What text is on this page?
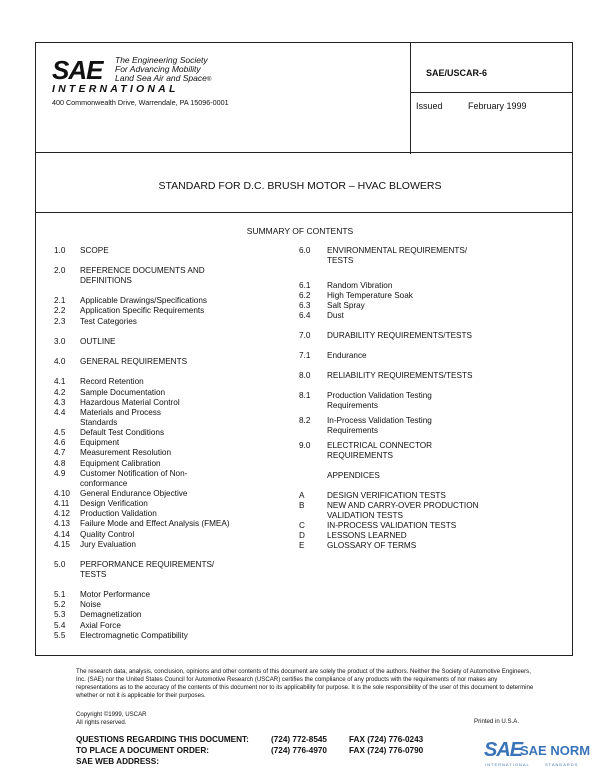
SAE The Engineering Society
For Advancing Mobility
Land Sea Air and Space®
INTERNATIONAL
400 Commonwealth Drive, Warrendale, PA 15096-0001
SAE/USCAR-6
Issued	February 1999
STANDARD FOR D.C. BRUSH MOTOR – HVAC BLOWERS
SUMMARY OF CONTENTS
1.0 SCOPE
2.0 REFERENCE DOCUMENTS AND
DEFINITIONS
2.1 Applicable Drawings/Specifications
2.2 Application Specific Requirements
2.3 Test Categories
3.0 OUTLINE
4.0 GENERAL REQUIREMENTS
4.1 Record Retention
4.2 Sample Documentation
4.3 Hazardous Material Control
4.4 Materials and Process
Standards
4.5 Default Test Conditions
4.6 Equipment
4.7 Measurement Resolution
4.8 Equipment Calibration
4.9 Customer Notification of Non-
conformance
4.10 General Endurance Objective
4.11 Design Verification
4.12 Production Validation
4.13 Failure Mode and Effect Analysis (FMEA)
4.14 Quality Control
4.15 Jury Evaluation
5.0 PERFORMANCE REQUIREMENTS/
TESTS
5.1 Motor Performance
5.2 Noise
5.3 Demagnetization
5.4 Axial Force
5.5 Electromagnetic Compatibility
6.0 ENVIRONMENTAL REQUIREMENTS/
TESTS
6.1 Random Vibration
6.2 High Temperature Soak
6.3 Salt Spray
6.4 Dust
7.0 DURABILITY REQUIREMENTS/TESTS
7.1 Endurance
8.0 RELIABILITY REQUIREMENTS/TESTS
8.1 Production Validation Testing
Requirements
8.2 In-Process Validation Testing
Requirements
9.0 ELECTRICAL CONNECTOR
REQUIREMENTS
APPENDICES
A	DESIGN VERIFICATION TESTS
B	NEW AND CARRY-OVER PRODUCTION
VALIDATION TESTS
C	IN-PROCESS VALIDATION TESTS
D	LESSONS LEARNED
E	GLOSSARY OF TERMS
The research data, analysis, conclusion, opinions and other contents of this document are solely the product of the authors. Neither the Society of Automotive Engineers, Inc. (SAE) nor the United States Council for Automotive Research (USCAR) certifies the compliance of any products with the requirements of nor makes any representations as to the accuracy of the contents of this document nor to its applicability for purpose. It is the sole responsibility of the user of this document to determine whether or not it is applicable for their purposes.
Copyright ©1999, USCAR
All rights reserved.	Printed in U.S.A.
QUESTIONS REGARDING THIS DOCUMENT:	(724) 772-8545	FAX (724) 776-0243
TO PLACE A DOCUMENT ORDER:	(724) 776-4970	FAX (724) 776-0790
SAE WEB ADDRESS:
SAE
SAE NORM
INTERNATIONAL	STANDARDS
